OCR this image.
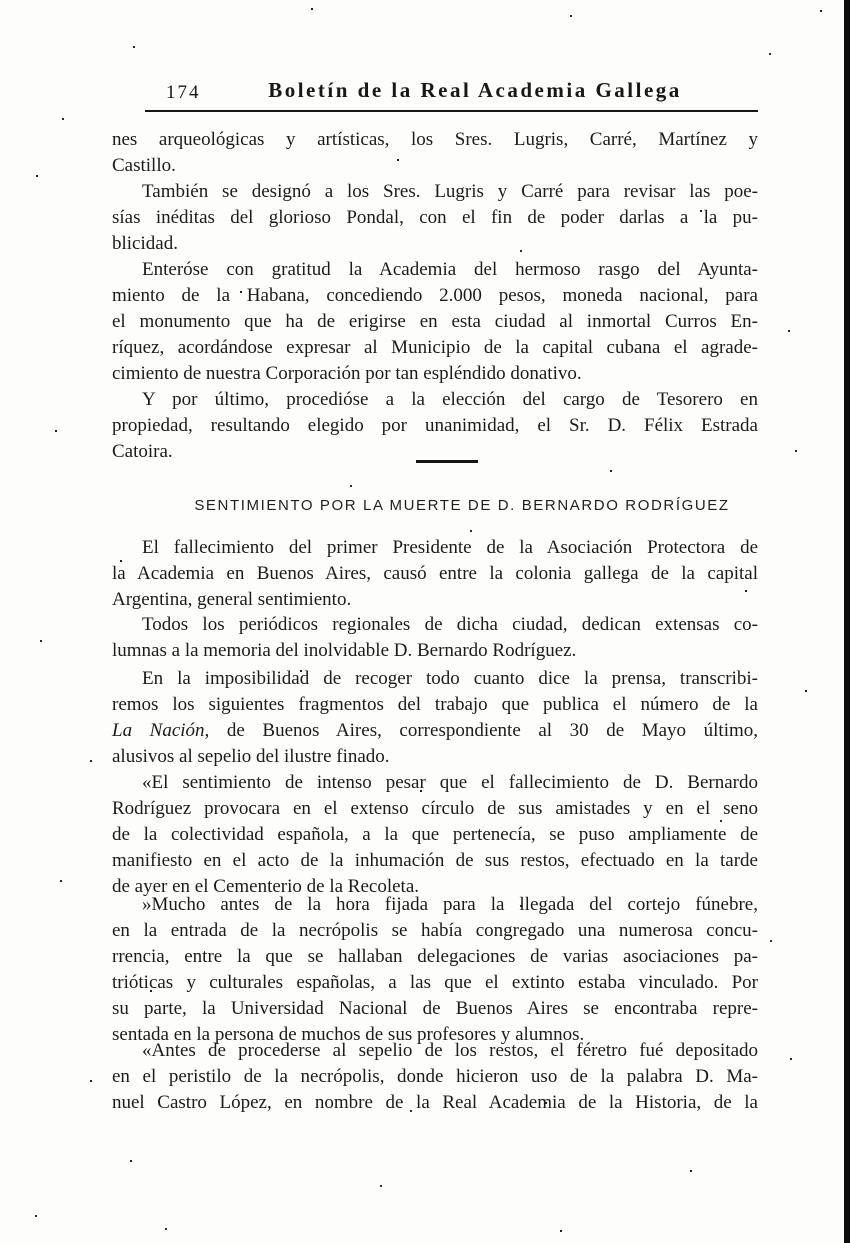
174	Boletín de la Real Academia Gallega
nes arqueológicas y artísticas, los Sres. Lugris, Carré, Martínez y
Castillo.
También se designó a los Sres. Lugris y Carré para revisar las poe-
sías inéditas del glorioso Pondal, con el fin de poder darlas a la pu-
blicidad.
Enteróse con gratitud la Academia del hermoso rasgo del Ayunta-
miento de la Habana, concediendo 2.000 pesos, moneda nacional, para
el monumento que ha de erigirse en esta ciudad al inmortal Curros En-
ríquez, acordándose expresar al Municipio de la capital cubana el agrade-
cimiento de nuestra Corporación por tan espléndido donativo.
Y por último, procedióse a la elección del cargo de Tesorero en
propiedad, resultando elegido por unanimidad, el Sr. D. Félix Estrada
Catoira.
El fallecimiento del primer Presidente de la Asociación Protectora de
la Academia en Buenos Aires, causó entre la colonia gallega de la capital
Argentina, general sentimiento.
Todos los periódicos regionales de dicha ciudad, dedican extensas co-
lumnas a la memoria del inolvidable D. Bernardo Rodríguez.
En la imposibilidad de recoger todo cuanto dice la prensa, transcribi-
remos los siguientes fragmentos del trabajo que publica el número de la
La Nación, de Buenos Aires, correspondiente al 30 de Mayo último,
alusivos al sepelio del ilustre finado.
«El sentimiento de intenso pesar que el fallecimiento de D. Bernardo
Rodríguez provocara en el extenso círculo de sus amistades y en el seno
de la colectividad española, a la que pertenecía, se puso ampliamente de
manifiesto en el acto de la inhumación de sus restos, efectuado en la tarde
de ayer en el Cementerio de la Recoleta.
»Mucho antes de la hora fijada para la llegada del cortejo fúnebre,
en la entrada de la necrópolis se había congregado una numerosa concu-
rrencia, entre la que se hallaban delegaciones de varias asociaciones pa-
trióticas y culturales españolas, a las que el extinto estaba vinculado. Por
su parte, la Universidad Nacional de Buenos Aires se encontraba repre-
sentada en la persona de muchos de sus profesores y alumnos.
«Antes de procederse al sepelio de los restos, el féretro fué depositado
en el peristilo de la necrópolis, donde hicieron uso de la palabra D. Ma-
nuel Castro López, en nombre de la Real Academia de la Historia, de la
SENTIMIENTO POR LA MUERTE DE D. BERNARDO RODRÍGUEZ
